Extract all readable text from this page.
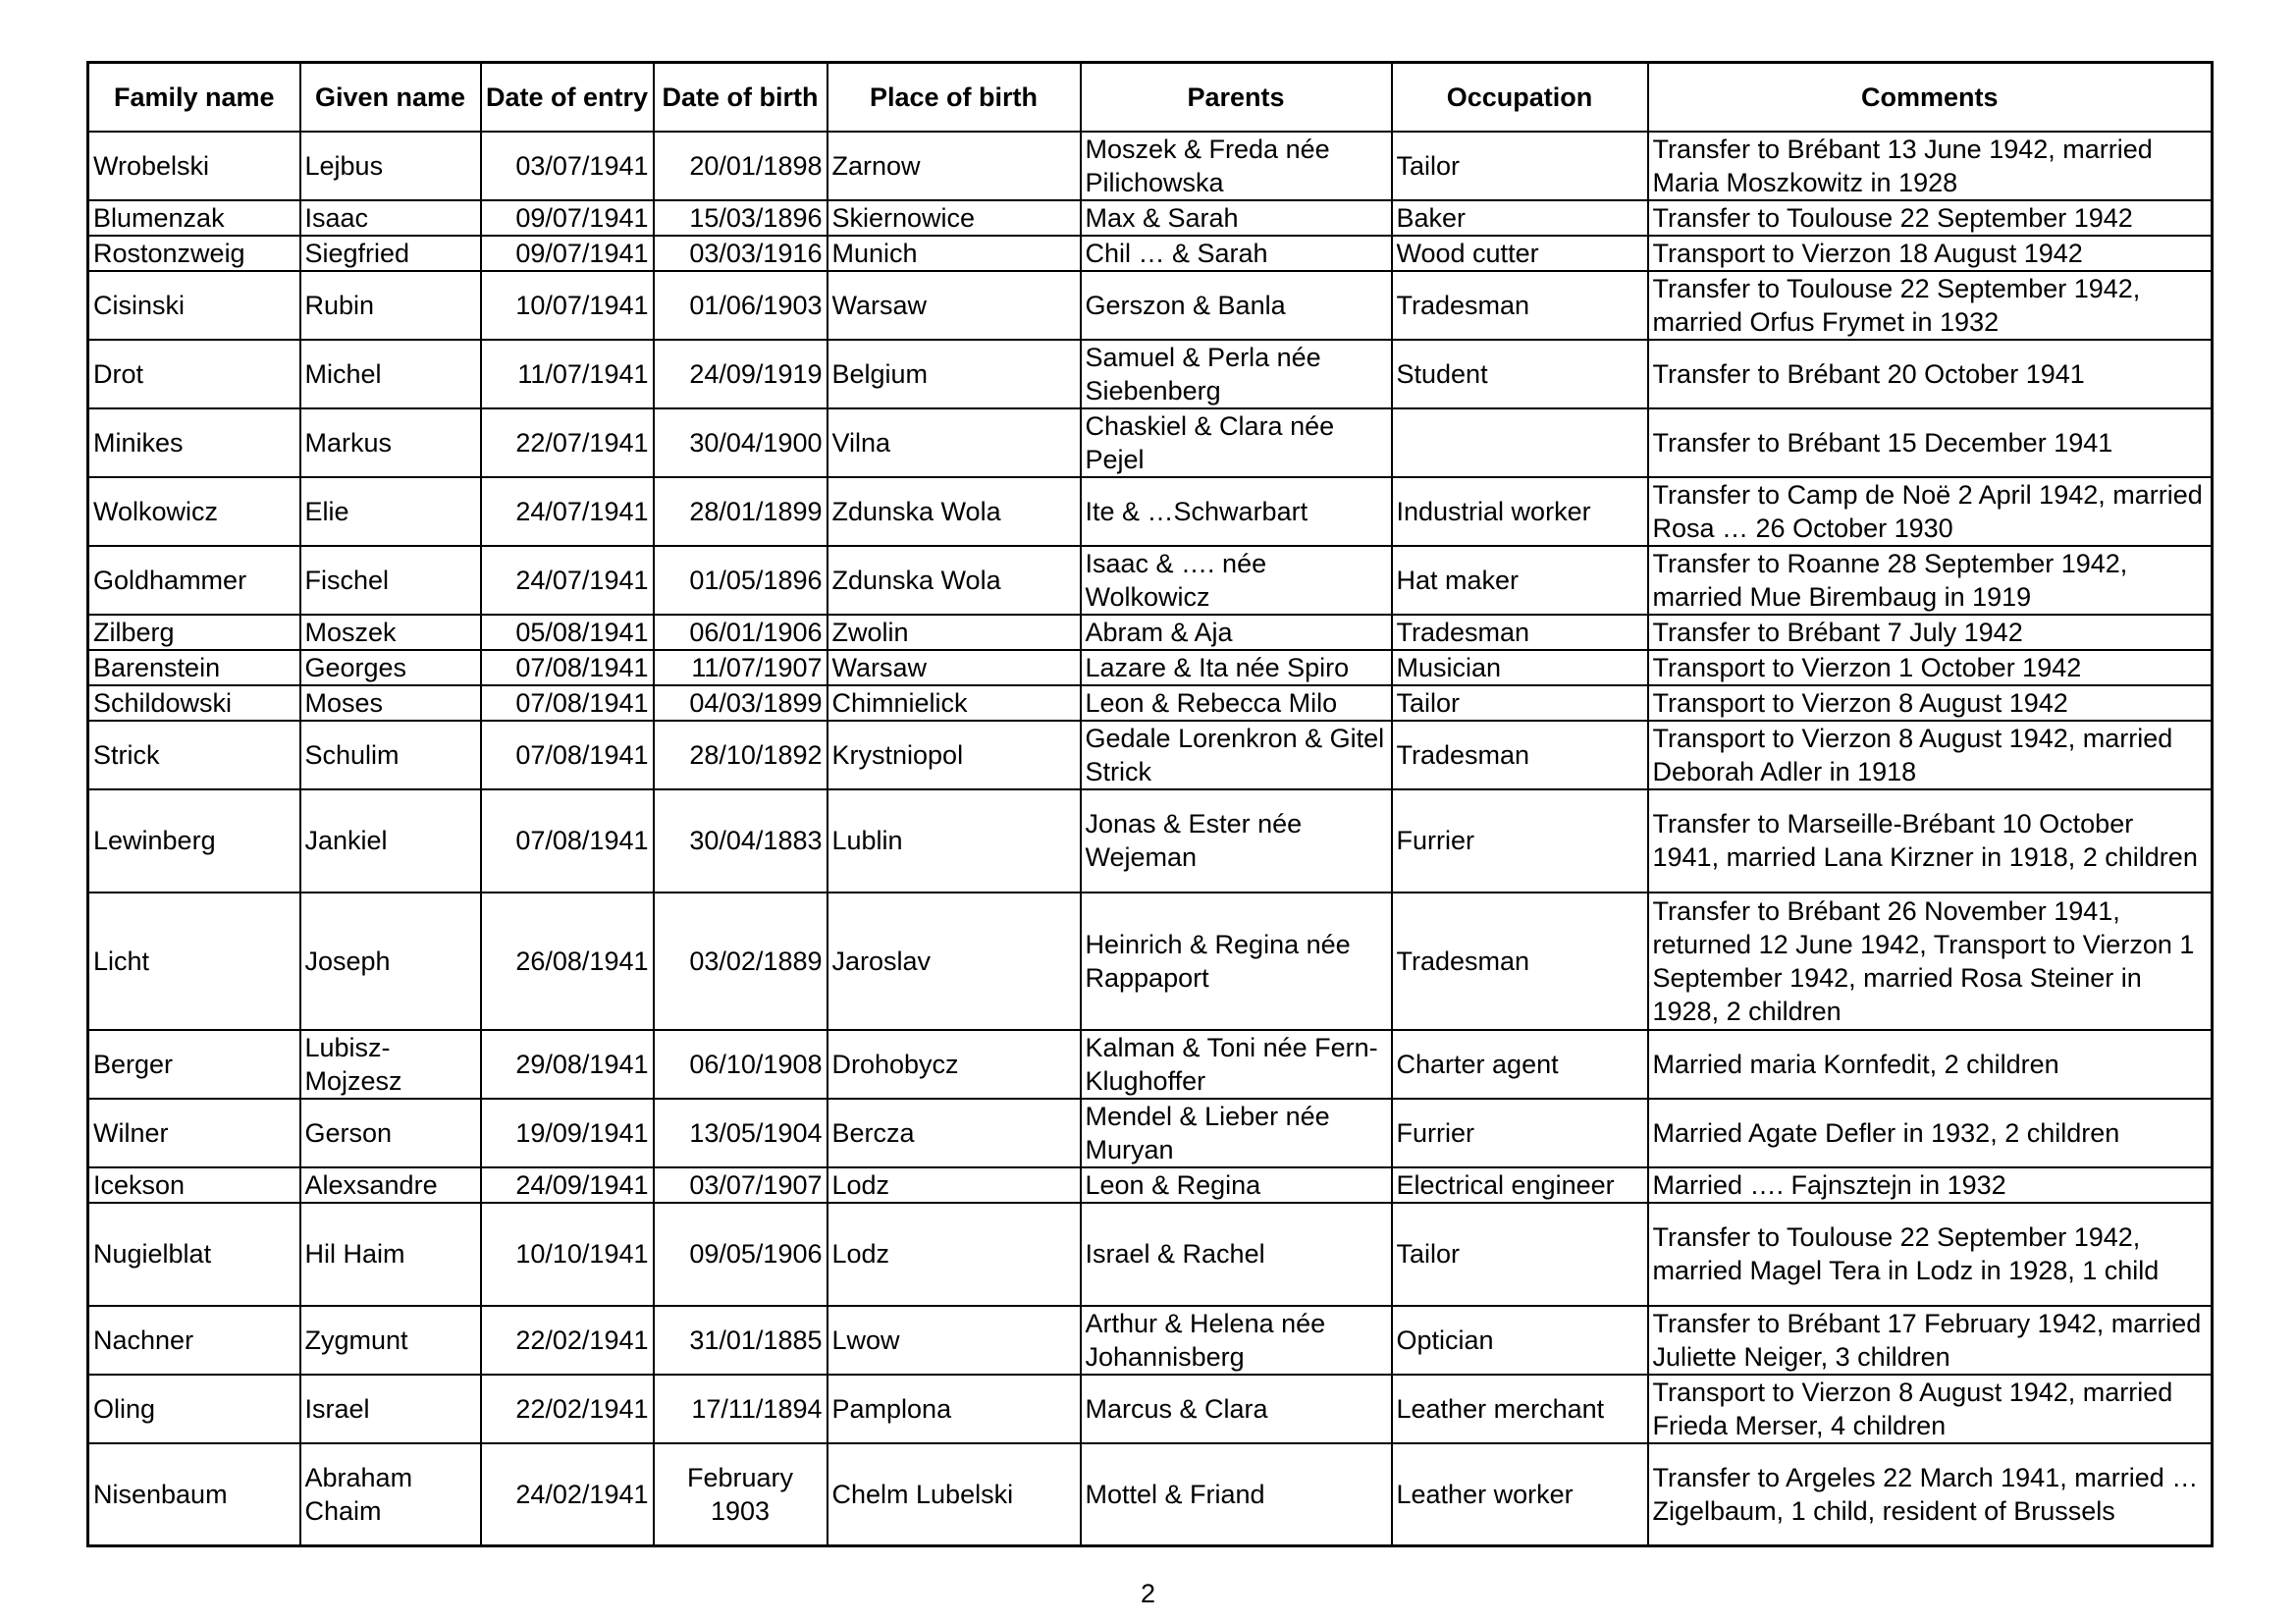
Family name	Given name	Date of entry	Date of birth	Place of birth	Parents	Occupation	Comments
Wrobelski	Lejbus	03/07/1941	20/01/1898	Zarnow	Moszek & Freda née Pilichowska	Tailor	Transfer to Brébant 13 June 1942, married Maria Moszkowitz in 1928
Blumenzak	Isaac	09/07/1941	15/03/1896	Skiernowice	Max & Sarah	Baker	Transfer to Toulouse 22 September 1942
Rostonzweig	Siegfried	09/07/1941	03/03/1916	Munich	Chil … & Sarah	Wood cutter	Transport to Vierzon 18 August 1942
Cisinski	Rubin	10/07/1941	01/06/1903	Warsaw	Gerszon & Banla	Tradesman	Transfer to Toulouse 22 September 1942, married Orfus Frymet in 1932
Drot	Michel	11/07/1941	24/09/1919	Belgium	Samuel & Perla née Siebenberg	Student	Transfer to Brébant 20 October 1941
Minikes	Markus	22/07/1941	30/04/1900	Vilna	Chaskiel & Clara née Pejel		Transfer to Brébant 15 December 1941
Wolkowicz	Elie	24/07/1941	28/01/1899	Zdunska Wola	Ite & …Schwarbart	Industrial worker	Transfer to Camp de Noë 2 April 1942, married Rosa … 26 October 1930
Goldhammer	Fischel	24/07/1941	01/05/1896	Zdunska Wola	Isaac & …. née Wolkowicz	Hat maker	Transfer to Roanne 28 September 1942, married Mue Birembaug in 1919
Zilberg	Moszek	05/08/1941	06/01/1906	Zwolin	Abram & Aja	Tradesman	Transfer to Brébant 7 July 1942
Barenstein	Georges	07/08/1941	11/07/1907	Warsaw	Lazare & Ita née Spiro	Musician	Transport to Vierzon 1 October 1942
Schildowski	Moses	07/08/1941	04/03/1899	Chimnielick	Leon & Rebecca Milo	Tailor	Transport to Vierzon 8 August 1942
Strick	Schulim	07/08/1941	28/10/1892	Krystniopol	Gedale Lorenkron & Gitel Strick	Tradesman	Transport to Vierzon 8 August 1942, married Deborah Adler in 1918
Lewinberg	Jankiel	07/08/1941	30/04/1883	Lublin	Jonas & Ester née Wejeman	Furrier	Transfer to Marseille-Brébant 10 October 1941, married Lana Kirzner in 1918, 2 children
Licht	Joseph	26/08/1941	03/02/1889	Jaroslav	Heinrich & Regina née Rappaport	Tradesman	Transfer to Brébant 26 November 1941, returned 12 June 1942, Transport to Vierzon 1 September 1942, married Rosa Steiner in 1928, 2 children
Berger	Lubisz-Mojzesz	29/08/1941	06/10/1908	Drohobycz	Kalman & Toni née Fern-Klughoffer	Charter agent	Married maria Kornfedit, 2 children
Wilner	Gerson	19/09/1941	13/05/1904	Bercza	Mendel & Lieber née Muryan	Furrier	Married Agate Defler in 1932, 2 children
Icekson	Alexsandre	24/09/1941	03/07/1907	Lodz	Leon & Regina	Electrical engineer	Married …. Fajnsztejn in 1932
Nugielblat	Hil Haim	10/10/1941	09/05/1906	Lodz	Israel & Rachel	Tailor	Transfer to Toulouse 22 September 1942, married Magel Tera in Lodz in 1928, 1 child
Nachner	Zygmunt	22/02/1941	31/01/1885	Lwow	Arthur & Helena née Johannisberg	Optician	Transfer to Brébant 17 February 1942, married Juliette Neiger, 3 children
Oling	Israel	22/02/1941	17/11/1894	Pamplona	Marcus & Clara	Leather merchant	Transport to Vierzon 8 August 1942, married Frieda Merser, 4 children
Nisenbaum	Abraham Chaim	24/02/1941	February 1903	Chelm Lubelski	Mottel & Friand	Leather worker	Transfer to Argeles 22 March 1941, married … Zigelbaum, 1 child, resident of Brussels
2
